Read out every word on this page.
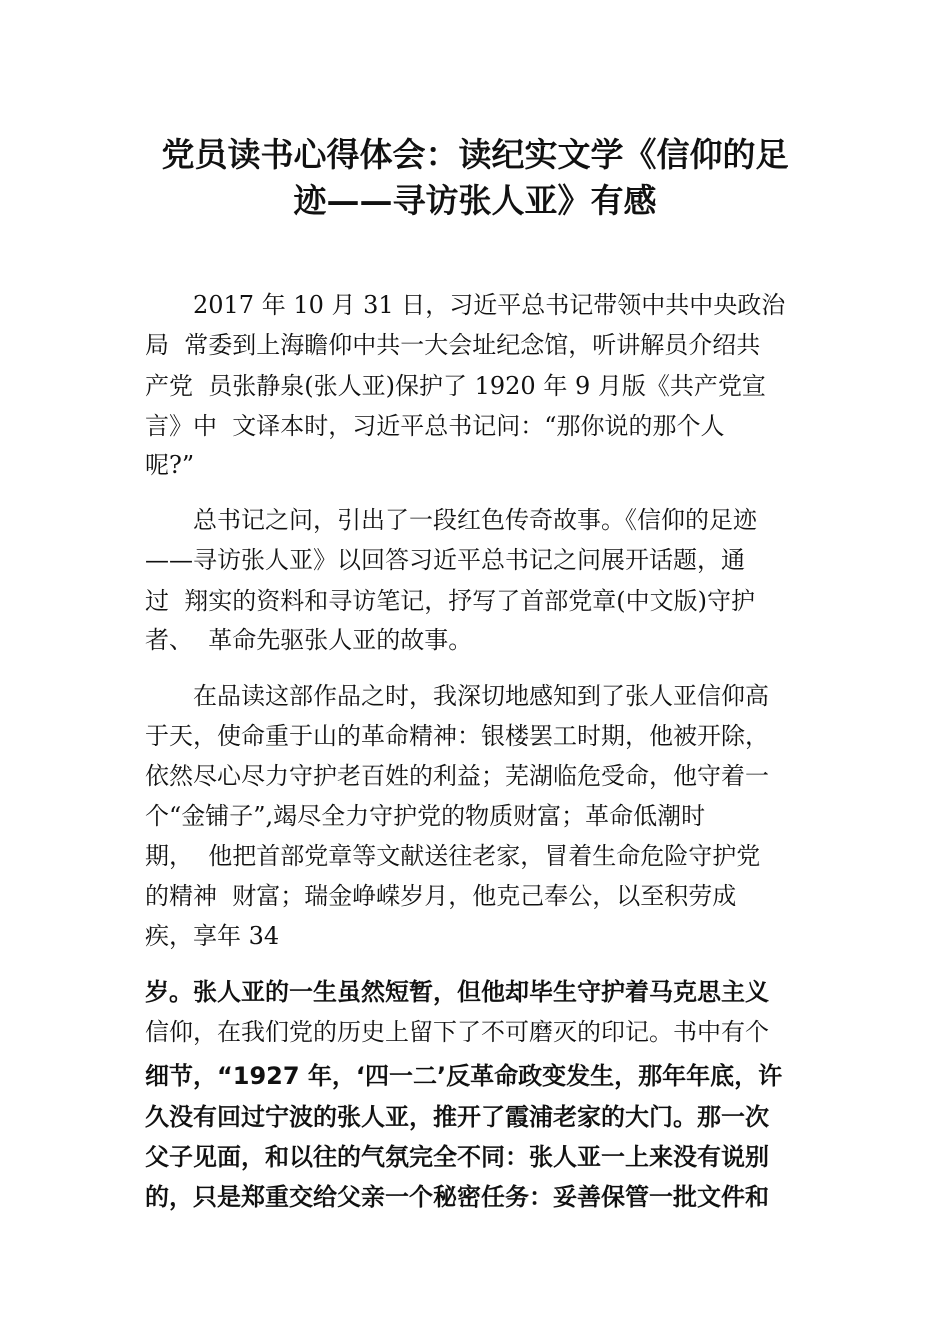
党员读书心得体会：读纪实文学《信仰的足
迹——寻访张人亚》有感

　　2017 年 10 月 31 日，习近平总书记带领中共中央政治

局  常委到上海瞻仰中共一大会址纪念馆，听讲解员介绍共

产党  员张静泉(张人亚)保护了 1920 年 9 月版《共产党宣

言》中  文译本时，习近平总书记问：“那你说的那个人

呢?”

　　总书记之问，引出了一段红色传奇故事。《信仰的足迹

——寻访张人亚》以回答习近平总书记之问展开话题，通

过  翔实的资料和寻访笔记，抒写了首部党章(中文版)守护

者、  革命先驱张人亚的故事。

　　在品读这部作品之时，我深切地感知到了张人亚信仰高

于天，使命重于山的革命精神：银楼罢工时期，他被开除，

依然尽心尽力守护老百姓的利益；芜湖临危受命，他守着一

个“金铺子”,竭尽全力守护党的物质财富；革命低潮时

期，  他把首部党章等文献送往老家，冒着生命危险守护党

的精神  财富；瑞金峥嵘岁月，他克己奉公，以至积劳成

疾，享年 34

岁。张人亚的一生虽然短暂，但他却毕生守护着马克思主义

信仰，在我们党的历史上留下了不可磨灭的印记。书中有个

细节，“1927 年，‘四一二’反革命政变发生，那年年底，许

久没有回过宁波的张人亚，推开了霞浦老家的大门。那一次

父子见面，和以往的气氛完全不同：张人亚一上来没有说别

的，只是郑重交给父亲一个秘密任务：妥善保管一批文件和
